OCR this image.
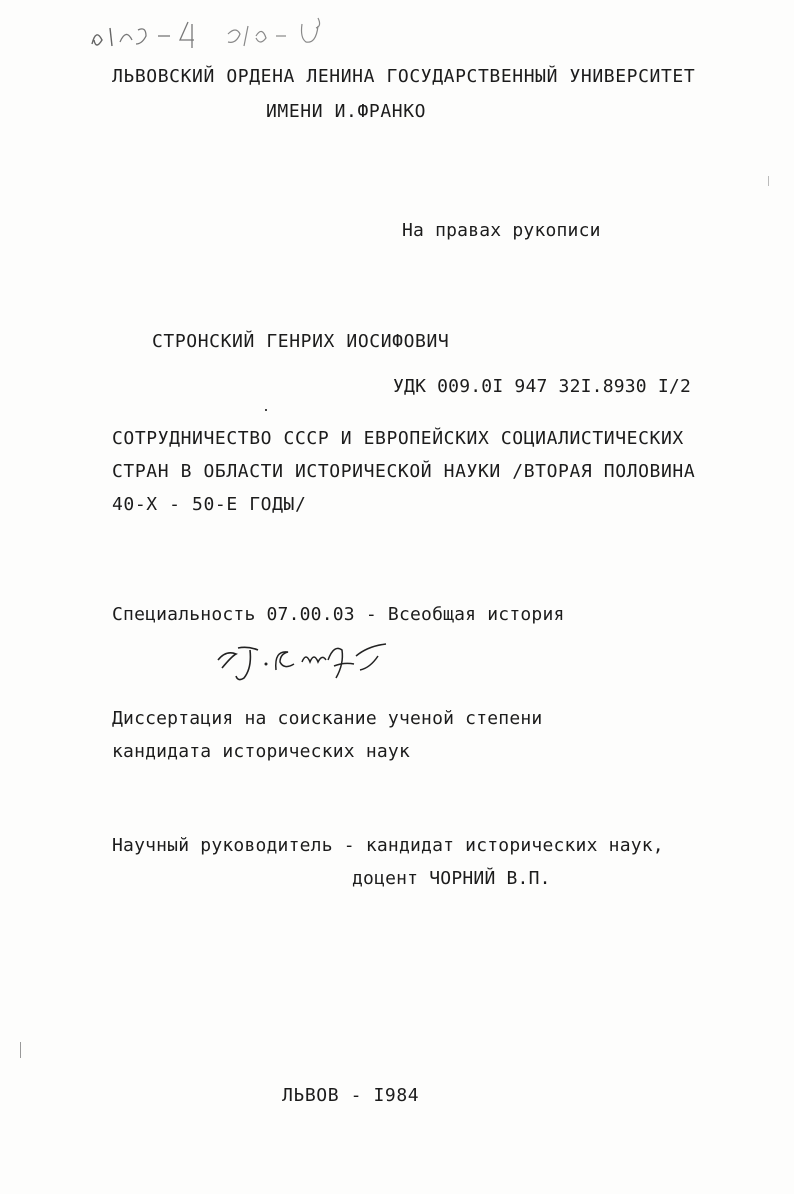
ЛЬВОВСКИЙ ОРДЕНА ЛЕНИНА ГОСУДАРСТВЕННЫЙ УНИВЕРСИТЕТ
ИМЕНИ И.ФРАНКО
На правах рукописи
СТРОНСКИЙ ГЕНРИХ ИОСИФОВИЧ
УДК 009.0I 947 32I.8930 I/2
СОТРУДНИЧЕСТВО СССР И ЕВРОПЕЙСКИХ СОЦИАЛИСТИЧЕСКИХ
СТРАН В ОБЛАСТИ ИСТОРИЧЕСКОЙ НАУКИ /ВТОРАЯ ПОЛОВИНА
40-Х - 50-Е ГОДЫ/
Специальность 07.00.03 - Всеобщая история
Диссертация на соискание ученой степени
кандидата исторических наук
Научный руководитель - кандидат исторических наук,
доцент ЧОРНИЙ В.П.
ЛЬВОВ - I984
